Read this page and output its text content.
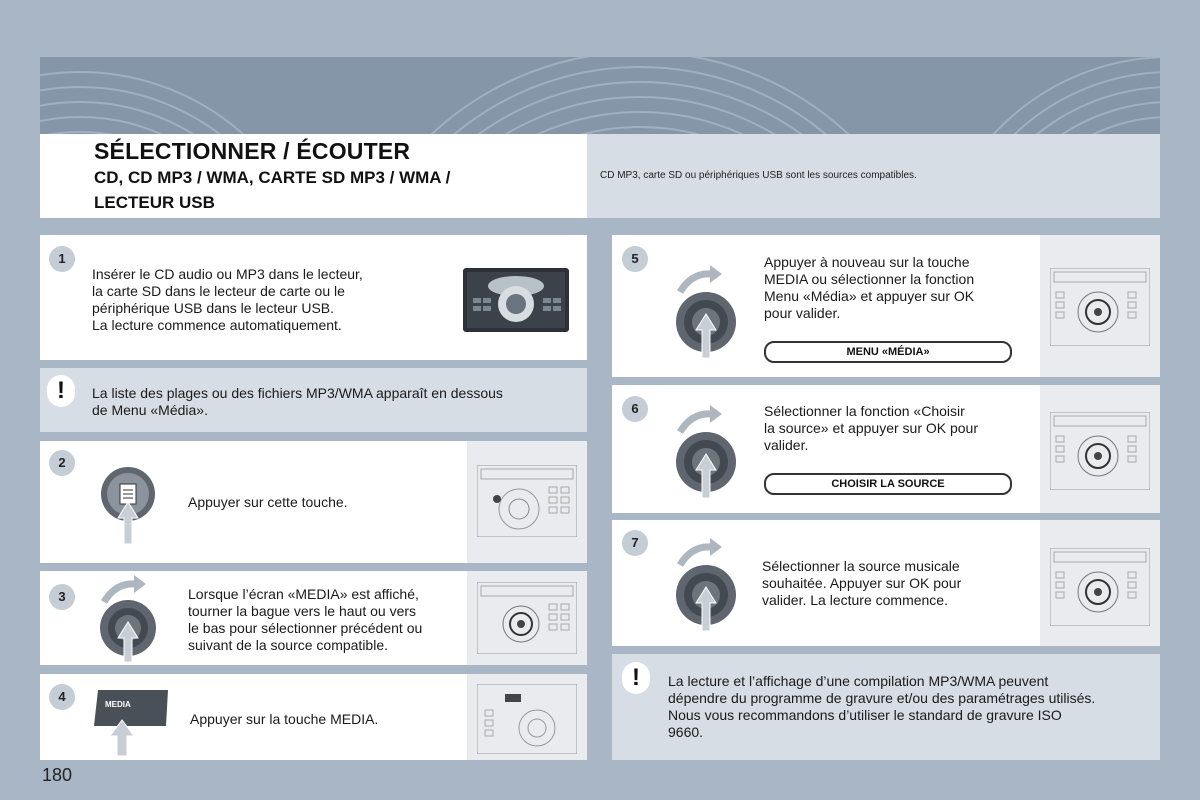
SÉLECTIONNER / ÉCOUTER
CD, CD MP3 / WMA, CARTE SD MP3 / WMA /
LECTEUR USB
CD MP3, carte SD ou périphériques USB sont les sources compatibles.
1
Insérer le CD audio ou MP3 dans le lecteur,
la carte SD dans le lecteur de carte ou le
périphérique USB dans le lecteur USB.
La lecture commence automatiquement.
!	La liste des plages ou des fichiers MP3/WMA apparaît en dessous
de Menu «Média».
2
Appuyer sur cette touche.
3	Lorsque l’écran «MEDIA» est affiché,
tourner la bague vers le haut ou vers
le bas pour sélectionner précédent ou
suivant de la source compatible.
4
MEDIA
Appuyer sur la touche MEDIA.
5	Appuyer à nouveau sur la touche
MEDIA ou sélectionner la fonction
Menu «Média» et appuyer sur OK
pour valider.
MENU «MÉDIA»
6	Sélectionner la fonction «Choisir
la source» et appuyer sur OK pour
valider.
CHOISIR LA SOURCE
7
Sélectionner la source musicale
souhaitée. Appuyer sur OK pour
valider. La lecture commence.
!	La lecture et l’affichage d’une compilation MP3/WMA peuvent
dépendre du programme de gravure et/ou des paramétrages utilisés.
Nous vous recommandons d’utiliser le standard de gravure ISO
9660.
180
